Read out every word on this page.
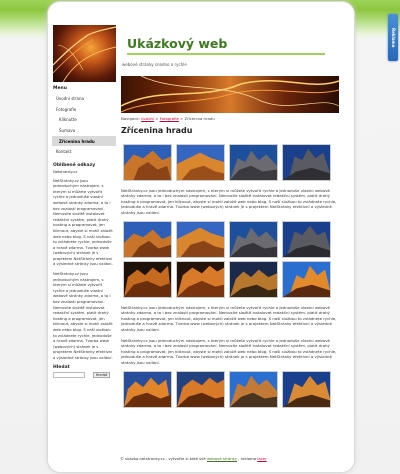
Ukázkový web
webové stránky snadno a rychle
Menu
Úvodní strana
Fotografie
Kliknutte
Šumava
Zřícenina hradu
Kontakt
Oblíbené odkazy
Netstranky.cz
NetStránky.cz jsou jednoduchým nástrojem, s kterým si můžete vytvořit rychle a jednoduše vlastní webové stránky zdarma, a to i bez znalostí programování. Nemusíte složitě instalovat redakční systém, platit drahý hosting a programovat, jen kliknout, abyste si mohli založit web nebo blog. S naší službou to zvládnete rychle, jednoduše a hravě zdarma. Tvorba www (webových) stránek je s projektem NetStránky efektivní a výsledné stránky jsou valiání.
NetStránky.cz jsou jednoduchým nástrojem, s kterým si můžete vytvořit rychle a jednoduše vlastní webové stránky zdarma, a to i bez znalostí programování. Nemusíte složitě instalovat redakční systém, platit drahý hosting a programovat, jen kliknout, abyste si mohli založit web nebo blog. S naší službou to zvládnete rychle, jednoduše a hravě zdarma. Tvorba www (webových) stránek je s projektem NetStránky efektivní a výsledné stránky jsou valiání.
Hledat
Hledat
Navigace: úvodní > Fotografie > Zřícenina hradu
Zřícenina hradu
NetStránky.cz jsou jednoduchým nástrojem, s kterým si můžete vytvořit rychle a jednoduše vlastní webové stránky zdarma, a to i bez znalostí programování. Nemusíte složitě instalovat redakční systém, platit drahý hosting a programovat, jen kliknout, abyste si mohli založit web nebo blog. S naší službou to zvládnete rychle, jednoduše a hravě zdarma. Tvorba www (webových) stránek je s projektem NetStránky efektivní a výsledné stránky jsou valiání.
NetStránky.cz jsou jednoduchým nástrojem, s kterým si můžete vytvořit rychle a jednoduše vlastní webové stránky zdarma, a to i bez znalostí programování. Nemusíte složitě instalovat redakční systém, platit drahý hosting a programovat, jen kliknout, abyste si mohli založit web nebo blog. S naší službou to zvládnete rychle, jednoduše a hravě zdarma. Tvorba www (webových) stránek je s projektem NetStránky efektivní a výsledné stránky jsou valiání.
NetStránky.cz jsou jednoduchým nástrojem, s kterým si můžete vytvořit rychle a jednoduše vlastní webové stránky zdarma, a to i bez znalostí programování. Nemusíte složitě instalovat redakční systém, platit drahý hosting a programovat, jen kliknout, abyste si mohli založit web nebo blog. S naší službou to zvládnete rychle, jednoduše a hravě zdarma. Tvorba www (webových) stránek je s projektem NetStránky efektivní a výsledné stránky jsou valiání.
© ukázka.netstranky.cz - vytvořte si také své webové stránky , reklama lacer
Reklama
